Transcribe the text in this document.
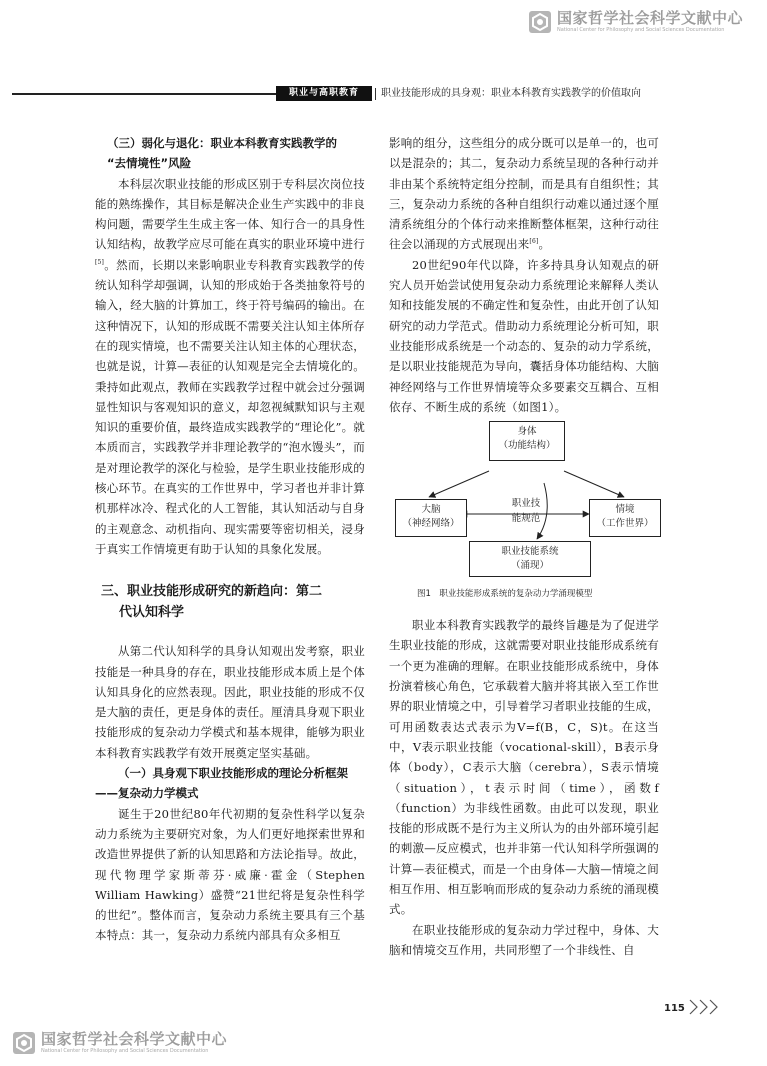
国家哲学社会科学文献中心
National Center for Philosophy and Social Sciences Documentation
职业与高职教育	职业技能形成的具身观：职业本科教育实践教学的价值取向

（三）弱化与退化：职业本科教育实践教学的
“去情境性”风险

本科层次职业技能的形成区别于专科层次岗位技能的熟练操作，其目标是解决企业生产实践中的非良构问题，需要学生生成主客一体、知行合一的具身性认知结构，故教学应尽可能在真实的职业环境中进行[5]。然而，长期以来影响职业专科教育实践教学的传统认知科学却强调，认知的形成始于各类抽象符号的输入，经大脑的计算加工，终于符号编码的输出。在这种情况下，认知的形成既不需要关注认知主体所存在的现实情境，也不需要关注认知主体的心理状态，也就是说，计算—表征的认知观是完全去情境化的。秉持如此观点，教师在实践教学过程中就会过分强调显性知识与客观知识的意义，却忽视缄默知识与主观知识的重要价值，最终造成实践教学的“理论化”。就本质而言，实践教学并非理论教学的“泡水馒头”，而是对理论教学的深化与检验，是学生职业技能形成的核心环节。在真实的工作世界中，学习者也并非计算机那样冰冷、程式化的人工智能，其认知活动与自身的主观意念、动机指向、现实需要等密切相关，浸身于真实工作情境更有助于认知的具象化发展。

三、职业技能形成研究的新趋向：第二
代认知科学

从第二代认知科学的具身认知观出发考察，职业技能是一种具身的存在，职业技能形成本质上是个体认知具身化的应然表现。因此，职业技能的形成不仅是大脑的责任，更是身体的责任。厘清具身观下职业技能形成的复杂动力学模式和基本规律，能够为职业本科教育实践教学有效开展奠定坚实基础。

（一）具身观下职业技能形成的理论分析框架——复杂动力学模式

诞生于20世纪80年代初期的复杂性科学以复杂动力系统为主要研究对象，为人们更好地探索世界和改造世界提供了新的认知思路和方法论指导。故此，现代物理学家斯蒂芬·威廉·霍金（Stephen William Hawking）盛赞“21世纪将是复杂性科学的世纪”。整体而言，复杂动力系统主要具有三个基本特点：其一，复杂动力系统内部具有众多相互

影响的组分，这些组分的成分既可以是单一的，也可以是混杂的；其二，复杂动力系统呈现的各种行动并非由某个系统特定组分控制，而是具有自组织性；其三，复杂动力系统的各种自组织行动难以通过逐个厘清系统组分的个体行动来推断整体框架，这种行动往往会以涌现的方式展现出来[6]。

20世纪90年代以降，许多持具身认知观点的研究人员开始尝试使用复杂动力系统理论来解释人类认知和技能发展的不确定性和复杂性，由此开创了认知研究的动力学范式。借助动力系统理论分析可知，职业技能形成系统是一个动态的、复杂的动力学系统，是以职业技能规范为导向，囊括身体功能结构、大脑神经网络与工作世界情境等众多要素交互耦合、互相依存、不断生成的系统（如图1）。

身体
（功能结构）
大脑
（神经网络）
情境
（工作世界）
职业技
能规范
职业技能系统
（涌现）
图1　职业技能形成系统的复杂动力学涌现模型

职业本科教育实践教学的最终旨趣是为了促进学生职业技能的形成，这就需要对职业技能形成系统有一个更为准确的理解。在职业技能形成系统中，身体扮演着核心角色，它承载着大脑并将其嵌入至工作世界的职业情境之中，引导着学习者职业技能的生成，可用函数表达式表示为V=f(B，C，S)t。在这当中，V表示职业技能（vocational-skill），B表示身体（body），C表示大脑（cerebra），S表示情境（situation），t表示时间（time），函数f（function）为非线性函数。由此可以发现，职业技能的形成既不是行为主义所认为的由外部环境引起的刺激—反应模式，也并非第一代认知科学所强调的计算—表征模式，而是一个由身体—大脑—情境之间相互作用、相互影响而形成的复杂动力系统的涌现模式。

在职业技能形成的复杂动力学过程中，身体、大脑和情境交互作用，共同形塑了一个非线性、自

115
国家哲学社会科学文献中心
National Center for Philosophy and Social Sciences Documentation
